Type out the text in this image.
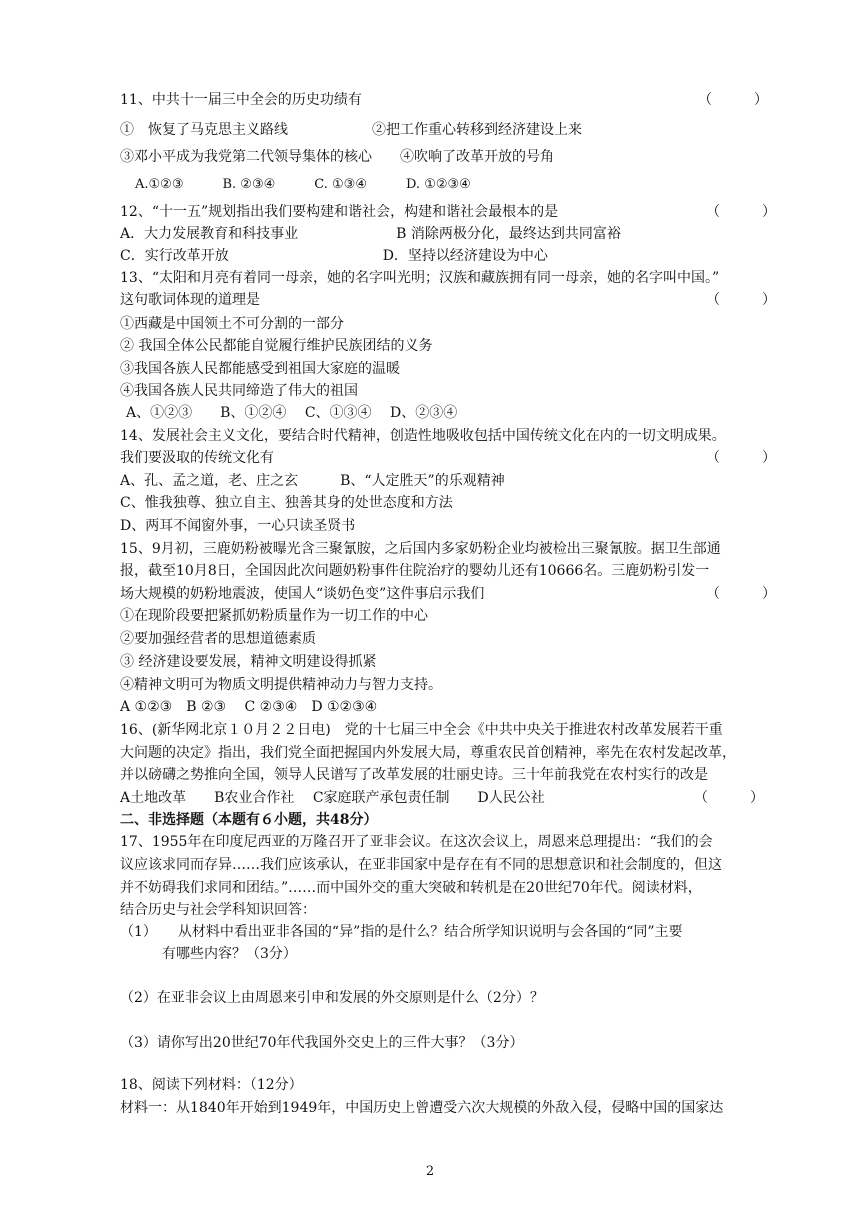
11、中共十一届三中全会的历史功绩有	（　　　）
①　恢复了马克思主义路线　　　　　　②把工作重心转移到经济建设上来
③邓小平成为我党第二代领导集体的核心　　④吹响了改革开放的号角
A.①②③　　　B. ②③④　　　C. ①③④　　　D. ①②③④
12、“十一五”规划指出我们要构建和谐社会，构建和谐社会最根本的是	（　　　）
A．大力发展教育和科技事业　　　　　　　B 消除两极分化，最终达到共同富裕
C．实行改革开放　　　　　　　　　　　D．坚持以经济建设为中心
13、“太阳和月亮有着同一母亲，她的名字叫光明；汉族和藏族拥有同一母亲，她的名字叫中国。”
这句歌词体现的道理是	（　　　）
①西藏是中国领土不可分割的一部分
② 我国全体公民都能自觉履行维护民族团结的义务
③我国各族人民都能感受到祖国大家庭的温暖
④我国各族人民共同缔造了伟大的祖国
A、①②③　　B、①②④　 C、①③④　 D、②③④
14、发展社会主义文化，要结合时代精神，创造性地吸收包括中国传统文化在内的一切文明成果。
我们要汲取的传统文化有	（　　　）
A、孔、孟之道，老、庄之玄　　　B、“人定胜天”的乐观精神
C、惟我独尊、独立自主、独善其身的处世态度和方法
D、两耳不闻窗外事，一心只读圣贤书
15、9月初，三鹿奶粉被曝光含三聚氰胺，之后国内多家奶粉企业均被检出三聚氰胺。据卫生部通
报，截至10月8日，全国因此次问题奶粉事件住院治疗的婴幼儿还有10666名。三鹿奶粉引发一
场大规模的奶粉地震波，使国人“谈奶色变”这件事启示我们	（　　　）
①在现阶段要把紧抓奶粉质量作为一切工作的中心
②要加强经营者的思想道德素质
③ 经济建设要发展，精神文明建设得抓紧
④精神文明可为物质文明提供精神动力与智力支持。
A ①②③　B ②③　 C ②③④　D ①②③④
16、(新华网北京１０月２２日电)　党的十七届三中全会《中共中央关于推进农村改革发展若干重
大问题的决定》指出，我们党全面把握国内外发展大局，尊重农民首创精神，率先在农村发起改革，
并以磅礴之势推向全国，领导人民谱写了改革发展的壮丽史诗。三十年前我党在农村实行的改是
A土地改革　　B农业合作社　 C家庭联产承包责任制　　D人民公社	（　　　）
二、非选择题（本题有６小题，共48分）
17、1955年在印度尼西亚的万隆召开了亚非会议。在这次会议上，周恩来总理提出：“我们的会
议应该求同而存异……我们应该承认，在亚非国家中是存在有不同的思想意识和社会制度的，但这
并不妨碍我们求同和团结。”……而中国外交的重大突破和转机是在20世纪70年代。阅读材料，
结合历史与社会学科知识回答：
（1）　　从材料中看出亚非各国的“异”指的是什么？结合所学知识说明与会各国的“同”主要
有哪些内容？（3分）
（2）在亚非会议上由周恩来引申和发展的外交原则是什么（2分）？
（3）请你写出20世纪70年代我国外交史上的三件大事？（3分）
18、阅读下列材料：（12分）
材料一：从1840年开始到1949年，中国历史上曾遭受六次大规模的外敌入侵，侵略中国的国家达
2
